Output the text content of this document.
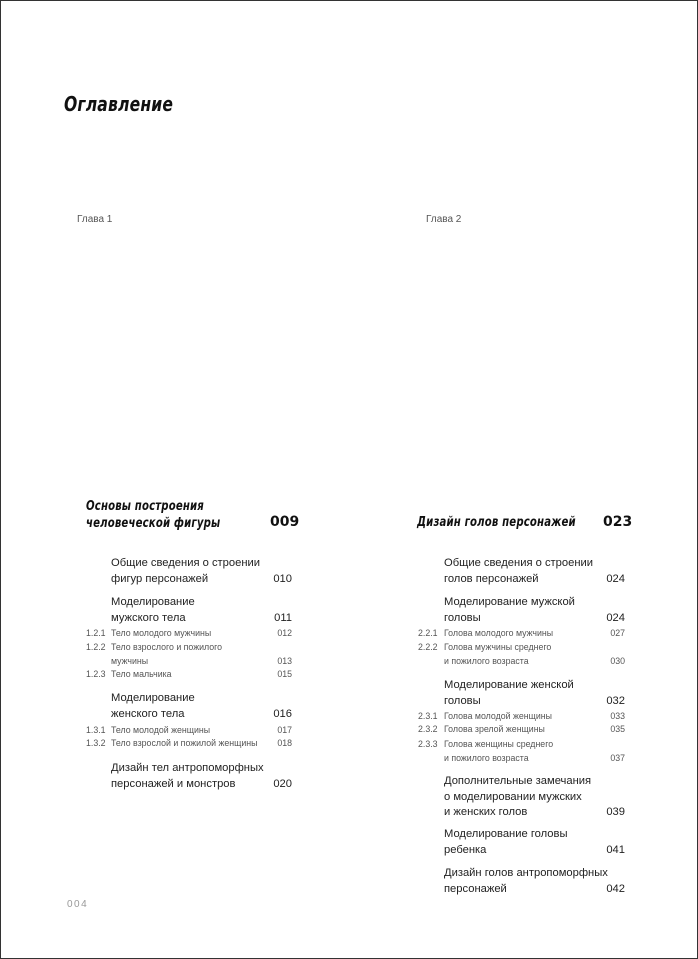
Оглавление
Глава 1
Основы построения
человеческой фигуры	009
Общие сведения о строении
фигур персонажей	010
Моделирование
мужского тела	011
1.2.1 Тело молодого мужчины	012
1.2.2 Тело взрослого и пожилого
мужчины	013
1.2.3 Тело мальчика	015
Моделирование
женского тела	016
1.3.1 Тело молодой женщины	017
1.3.2 Тело взрослой и пожилой женщины	018
Дизайн тел антропоморфных
персонажей и монстров	020
Глава 2
Дизайн голов персонажей 023
Общие сведения о строении
голов персонажей	024
Моделирование мужской
головы	024
2.2.1 Голова молодого мужчины	027
2.2.2 Голова мужчины среднего
и пожилого возраста	030
Моделирование женской
головы	032
2.3.1 Голова молодой женщины	033
2.3.2 Голова зрелой женщины	035
2.3.3 Голова женщины среднего
и пожилого возраста	037
Дополнительные замечания
о моделировании мужских
и женских голов	039
Моделирование головы
ребенка	041
Дизайн голов антропоморфных
персонажей	042
004
